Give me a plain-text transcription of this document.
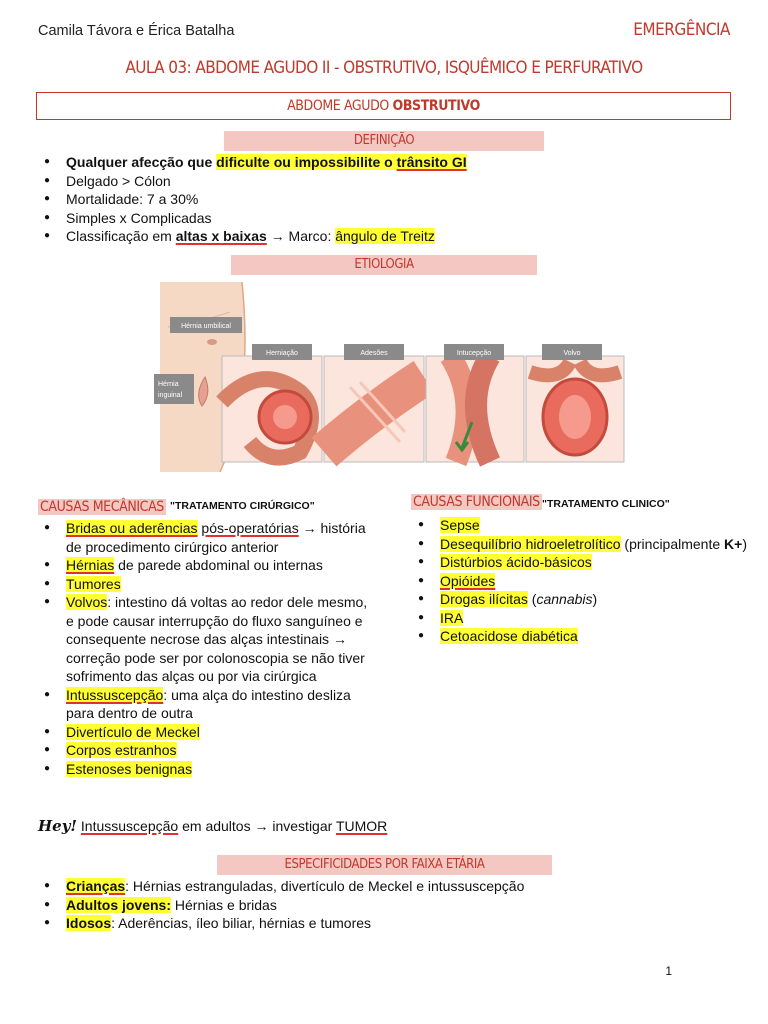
Camila Távora e Érica Batalha	EMERGÊNCIA
AULA 03: ABDOME AGUDO II - OBSTRUTIVO, ISQUÊMICO E PERFURATIVO
ABDOME AGUDO OBSTRUTIVO
DEFINIÇÃO
● Qualquer afecção que dificulte ou impossibilite o trânsito GI
● Delgado > Cólon
● Mortalidade: 7 a 30%
● Simples x Complicadas
● Classificação em altas x baixas → Marco: ângulo de Treitz
ETIOLOGIA
Hérnia umbilical
Hérnia
inguinal
Herniação	Adesões	Intucepção	Volvo
CAUSAS MECÂNICAS "TRATAMENTO CIRÚRGICO"
● Bridas ou aderências pós-operatórias → história de procedimento cirúrgico anterior
● Hérnias de parede abdominal ou internas
● Tumores
● Volvos: intestino dá voltas ao redor dele mesmo, e pode causar interrupção do fluxo sanguíneo e consequente necrose das alças intestinais → correção pode ser por colonoscopia se não tiver sofrimento das alças ou por via cirúrgica
● Intussuscepção: uma alça do intestino desliza para dentro de outra
● Divertículo de Meckel
● Corpos estranhos
● Estenoses benignas
CAUSAS FUNCIONAIS "TRATAMENTO CLINICO"
● Sepse
● Desequilíbrio hidroeletrolítico (principalmente K+)
● Distúrbios ácido-básicos
● Opióides
● Drogas ilícitas (cannabis)
● IRA
● Cetoacidose diabética
Hey! Intussuscepção em adultos → investigar TUMOR
ESPECIFICIDADES POR FAIXA ETÁRIA
● Crianças: Hérnias estranguladas, divertículo de Meckel e intussuscepção
● Adultos jovens: Hérnias e bridas
● Idosos: Aderências, íleo biliar, hérnias e tumores
1
